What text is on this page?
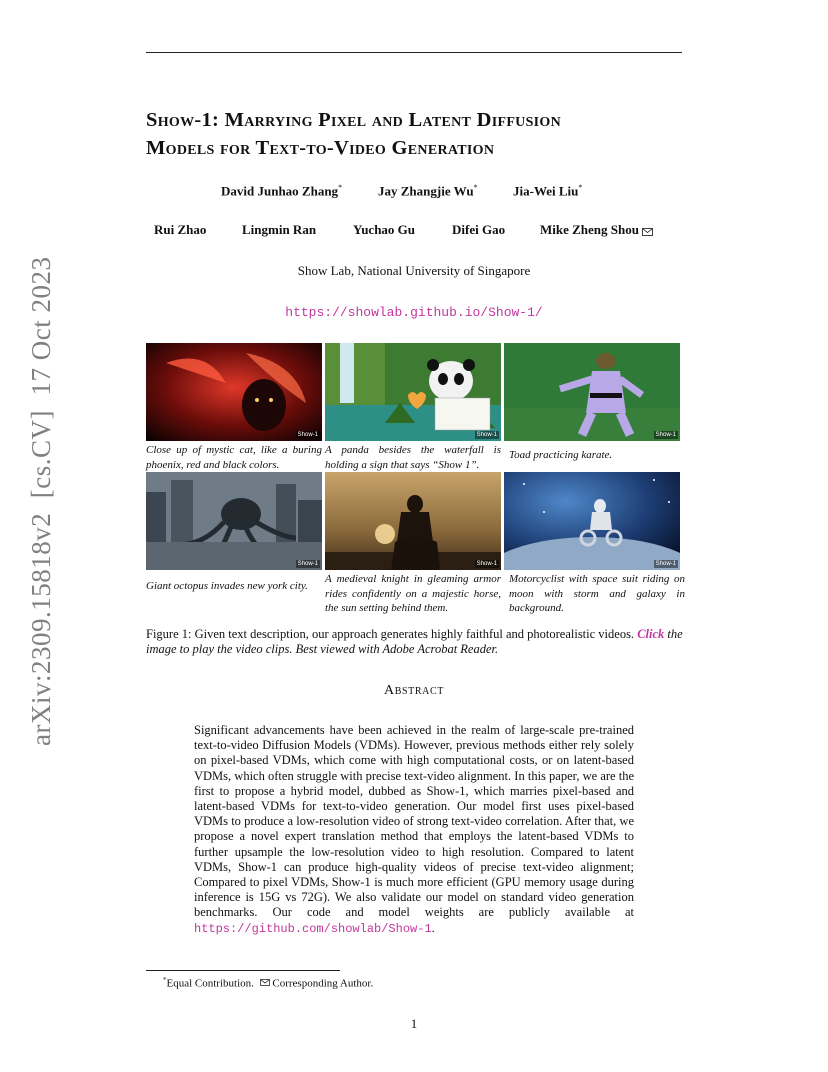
arXiv:2309.15818v2  [cs.CV]  17 Oct 2023
Show-1: Marrying Pixel and Latent Diffusion
Models for Text-to-Video Generation
David Junhao Zhang*	Jay Zhangjie Wu*	Jia-Wei Liu*
Rui Zhao	Lingmin Ran	Yuchao Gu	Difei Gao	Mike Zheng Shou
Show Lab, National University of Singapore
https://showlab.github.io/Show-1/
Show-1	Show-1	Show-1
Close up of mystic cat, like a buring phoenix, red and black colors.
A panda besides the waterfall is holding a sign that says “Show 1”.
Toad practicing karate.
Show-1	Show-1	Show-1
Giant octopus invades new york city.
A medieval knight in gleaming armor rides confidently on a majestic horse, the sun setting behind them.
Motorcyclist with space suit riding on moon with storm and galaxy in background.
Figure 1: Given text description, our approach generates highly faithful and photorealistic videos. Click the image to play the video clips. Best viewed with Adobe Acrobat Reader.
Abstract

Significant advancements have been achieved in the realm of large-scale pre-trained text-to-video Diffusion Models (VDMs). However, previous methods either rely solely on pixel-based VDMs, which come with high computational costs, or on latent-based VDMs, which often struggle with precise text-video alignment. In this paper, we are the first to propose a hybrid model, dubbed as Show-1, which marries pixel-based and latent-based VDMs for text-to-video generation. Our model first uses pixel-based VDMs to produce a low-resolution video of strong text-video correlation. After that, we propose a novel expert translation method that employs the latent-based VDMs to further upsample the low-resolution video to high resolution. Compared to latent VDMs, Show-1 can produce high-quality videos of precise text-video alignment; Compared to pixel VDMs, Show-1 is much more efficient (GPU memory usage during inference is 15G vs 72G). We also validate our model on standard video generation benchmarks. Our code and model weights are publicly available at https://github.com/showlab/Show-1.

*Equal Contribution.  Corresponding Author.
1
